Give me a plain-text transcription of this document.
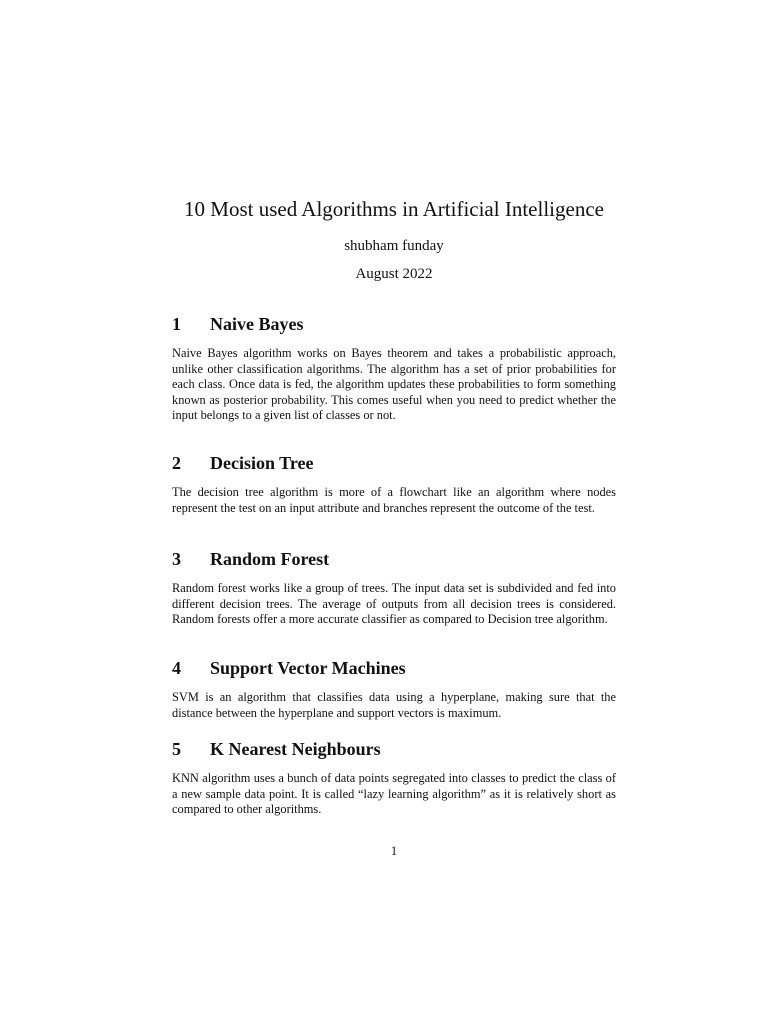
10 Most used Algorithms in Artificial Intelligence
shubham funday
August 2022
1	Naive Bayes

Naive Bayes algorithm works on Bayes theorem and takes a probabilistic approach, unlike other classification algorithms. The algorithm has a set of prior probabilities for each class. Once data is fed, the algorithm updates these probabilities to form something known as posterior probability. This comes useful when you need to predict whether the input belongs to a given list of classes or not.

2	Decision Tree

The decision tree algorithm is more of a flowchart like an algorithm where nodes represent the test on an input attribute and branches represent the outcome of the test.

3	Random Forest

Random forest works like a group of trees. The input data set is subdivided and fed into different decision trees. The average of outputs from all decision trees is considered. Random forests offer a more accurate classifier as compared to Decision tree algorithm.

4	Support Vector Machines

SVM is an algorithm that classifies data using a hyperplane, making sure that the distance between the hyperplane and support vectors is maximum.

5	K Nearest Neighbours

KNN algorithm uses a bunch of data points segregated into classes to predict the class of a new sample data point. It is called “lazy learning algorithm” as it is relatively short as compared to other algorithms.

1
